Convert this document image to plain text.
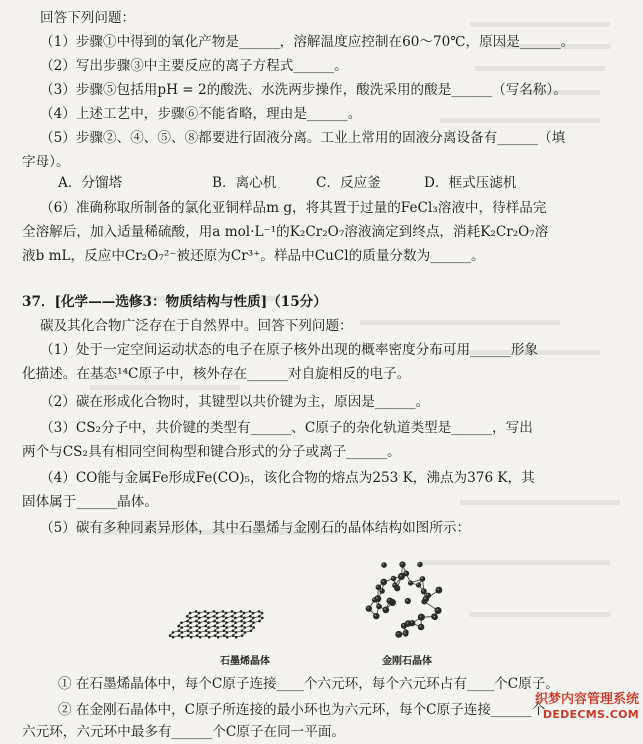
回答下列问题：
（1）步骤①中得到的氧化产物是______，溶解温度应控制在60～70℃，原因是______。
（2）写出步骤③中主要反应的离子方程式______。
（3）步骤⑤包括用pH = 2的酸洗、水洗两步操作，酸洗采用的酸是______（写名称）。
（4）上述工艺中，步骤⑥不能省略，理由是______。
（5）步骤②、④、⑤、⑧都要进行固液分离。工业上常用的固液分离设备有______（填
字母）。
A．分馏塔	B．离心机	C．反应釜	D．框式压滤机
（6）准确称取所制备的氯化亚铜样品m g，将其置于过量的FeCl₃溶液中，待样品完
全溶解后，加入适量稀硫酸，用a mol·L⁻¹的K₂Cr₂O₇溶液滴定到终点，消耗K₂Cr₂O₇溶
液b mL，反应中Cr₂O₇²⁻被还原为Cr³⁺。样品中CuCl的质量分数为______。
37．[化学——选修3：物质结构与性质]（15分）
碳及其化合物广泛存在于自然界中。回答下列问题：
（1）处于一定空间运动状态的电子在原子核外出现的概率密度分布可用______形象
化描述。在基态¹⁴C原子中，核外存在______对自旋相反的电子。
（2）碳在形成化合物时，其键型以共价键为主，原因是______。
（3）CS₂分子中，共价键的类型有______、C原子的杂化轨道类型是______，写出
两个与CS₂具有相同空间构型和键合形式的分子或离子______。
（4）CO能与金属Fe形成Fe(CO)₅，该化合物的熔点为253 K，沸点为376 K，其
固体属于______晶体。
（5）碳有多种同素异形体，其中石墨烯与金刚石的晶体结构如图所示：
石墨烯晶体	金刚石晶体
① 在石墨烯晶体中，每个C原子连接____个六元环，每个六元环占有____个C原子。
② 在金刚石晶体中，C原子所连接的最小环也为六元环，每个C原子连接______个
六元环，六元环中最多有______个C原子在同一平面。
织梦内容管理系统
DEDECMS.COM
